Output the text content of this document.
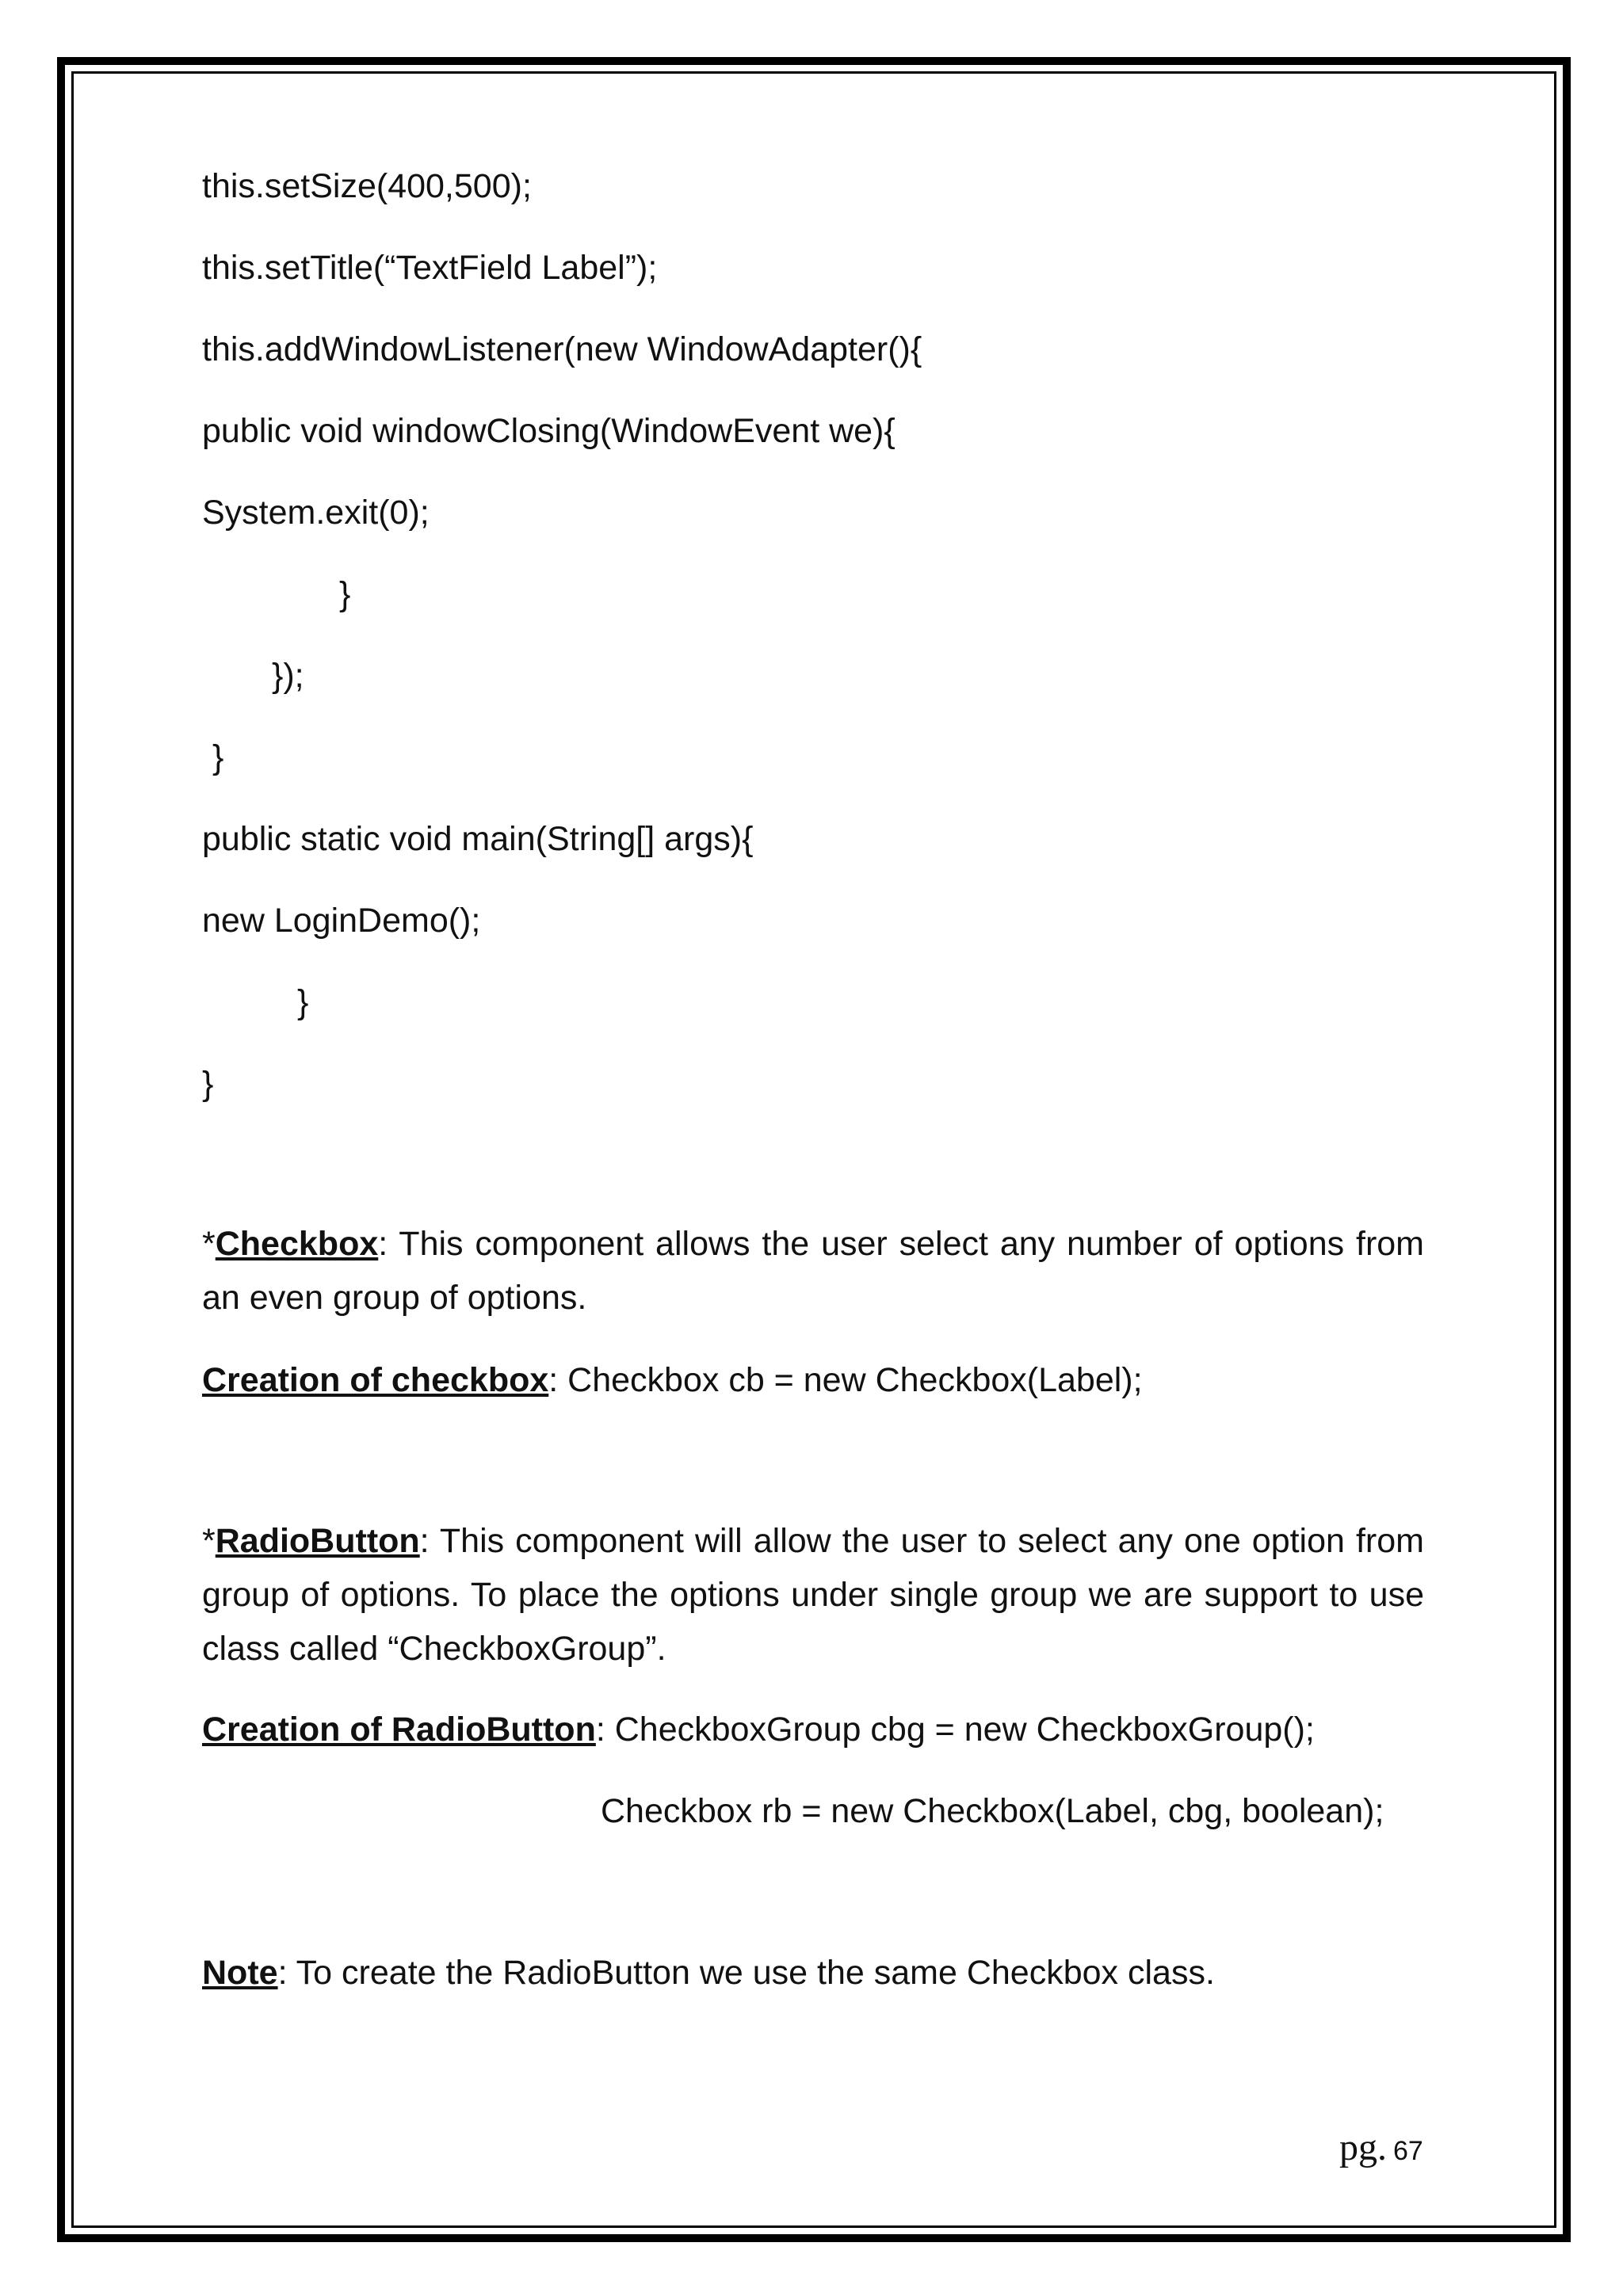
this.setSize(400,500);
this.setTitle(“TextField Label”);
this.addWindowListener(new WindowAdapter(){
public void windowClosing(WindowEvent we){
System.exit(0);
}
});
}
public static void main(String[] args){
new LoginDemo();
}
}
*Checkbox: This component allows the user select any number of options from an even group of options.
Creation of checkbox: Checkbox cb = new Checkbox(Label);
*RadioButton: This component will allow the user to select any one option from group of options. To place the options under single group we are support to use class called “CheckboxGroup”.
Creation of RadioButton: CheckboxGroup cbg = new CheckboxGroup();
Checkbox rb = new Checkbox(Label, cbg, boolean);
Note: To create the RadioButton we use the same Checkbox class.
pg. 67
